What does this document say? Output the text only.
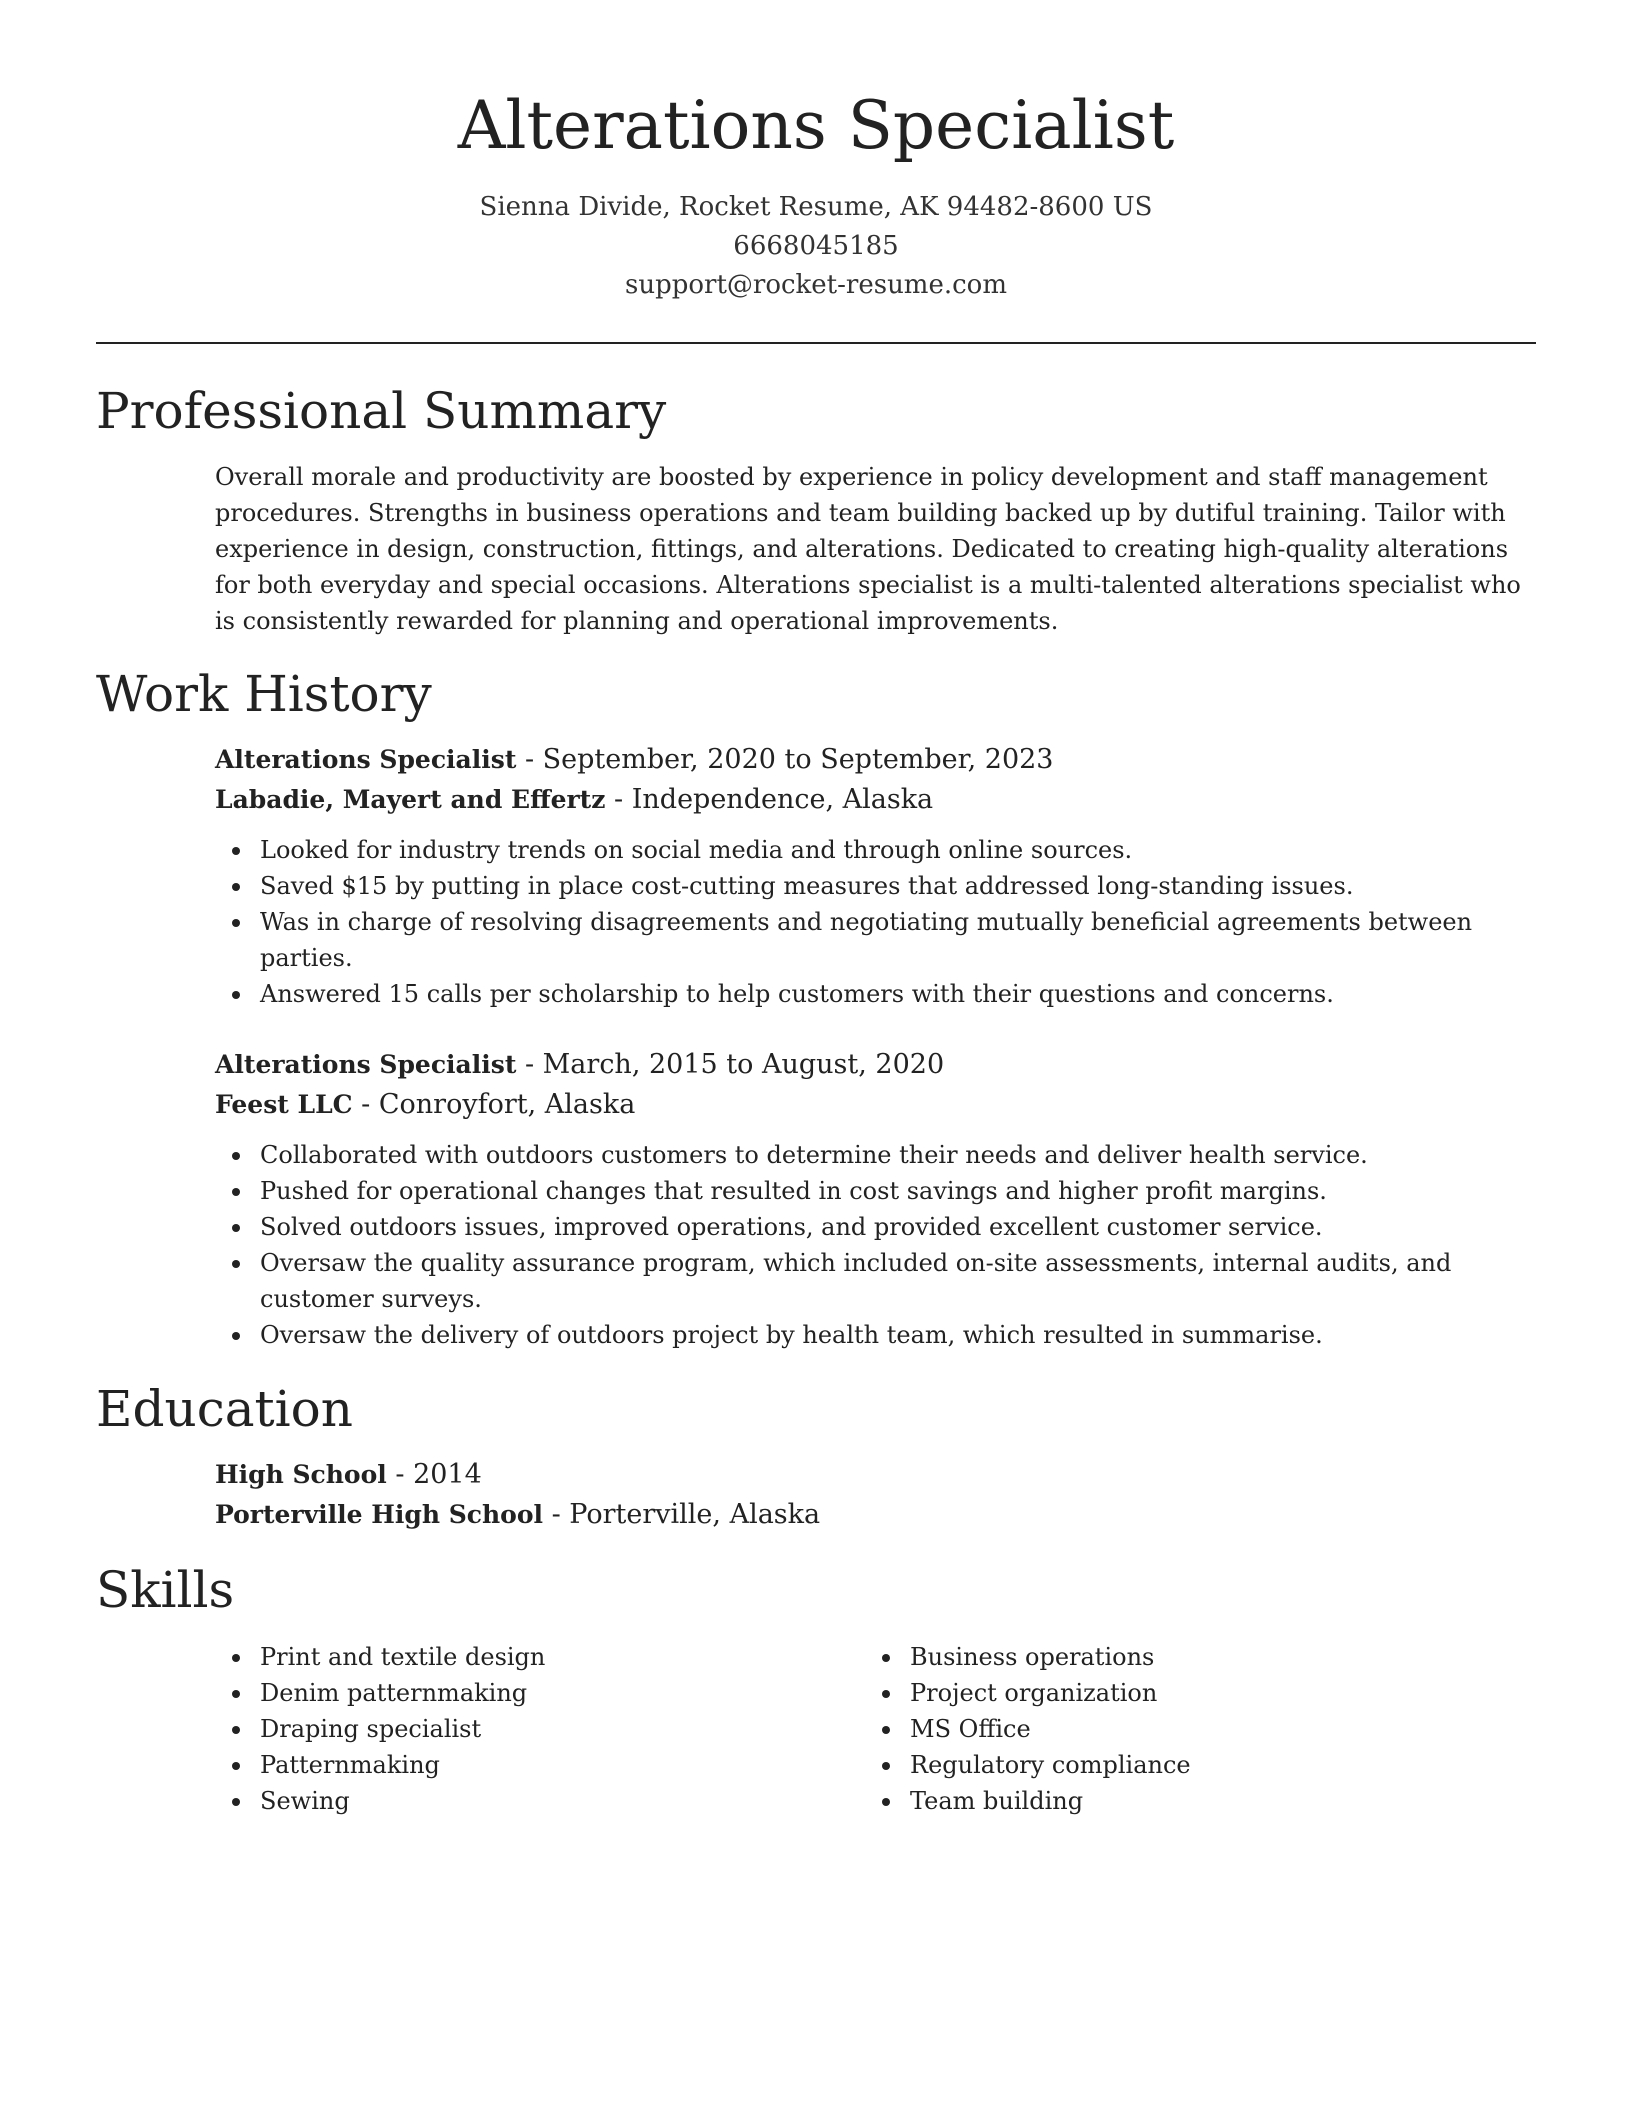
Alterations Specialist
Sienna Divide, Rocket Resume, AK 94482-8600 US
6668045185
support@rocket-resume.com
Professional Summary
Overall morale and productivity are boosted by experience in policy development and staff management procedures. Strengths in business operations and team building backed up by dutiful training. Tailor with experience in design, construction, fittings, and alterations. Dedicated to creating high-quality alterations for both everyday and special occasions. Alterations specialist is a multi-talented alterations specialist who is consistently rewarded for planning and operational improvements.
Work History
Alterations Specialist - September, 2020 to September, 2023
Labadie, Mayert and Effertz - Independence, Alaska
Looked for industry trends on social media and through online sources.
Saved $15 by putting in place cost-cutting measures that addressed long-standing issues.
Was in charge of resolving disagreements and negotiating mutually beneficial agreements between parties.
Answered 15 calls per scholarship to help customers with their questions and concerns.
Alterations Specialist - March, 2015 to August, 2020
Feest LLC - Conroyfort, Alaska
Collaborated with outdoors customers to determine their needs and deliver health service.
Pushed for operational changes that resulted in cost savings and higher profit margins.
Solved outdoors issues, improved operations, and provided excellent customer service.
Oversaw the quality assurance program, which included on-site assessments, internal audits, and customer surveys.
Oversaw the delivery of outdoors project by health team, which resulted in summarise.
Education
High School - 2014
Porterville High School - Porterville, Alaska
Skills
Print and textile design
Denim patternmaking
Draping specialist
Patternmaking
Sewing
Business operations
Project organization
MS Office
Regulatory compliance
Team building
